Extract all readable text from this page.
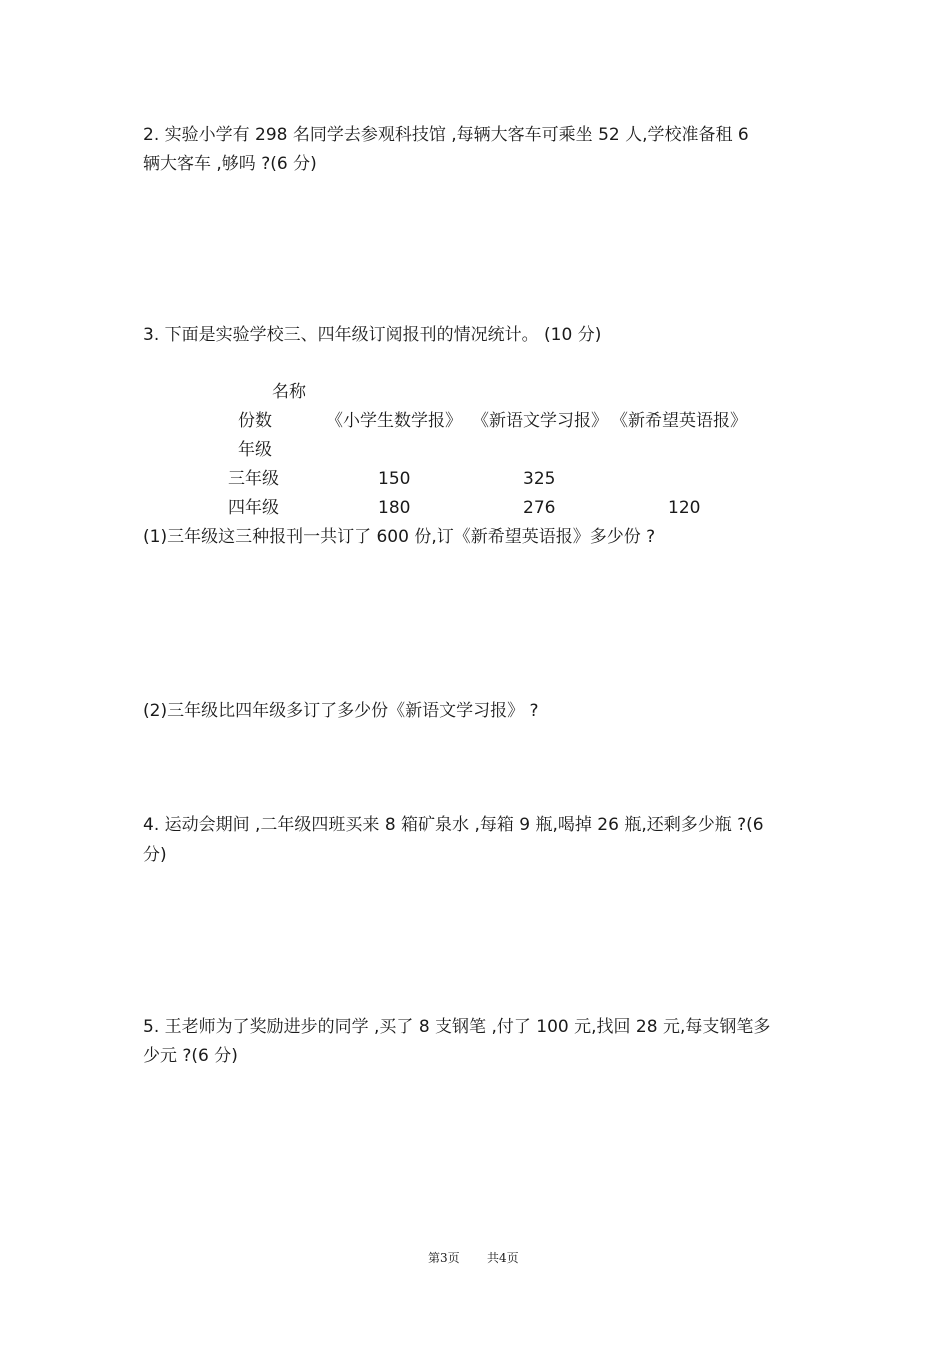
2. 实验小学有 298 名同学去参观科技馆 ,每辆大客车可乘坐 52 人,学校准备租 6
辆大客车 ,够吗 ?(6 分)
3. 下面是实验学校三、四年级订阅报刊的情况统计。 (10 分)
名称
份数	《小学生数学报》 《新语文学习报》 《新希望英语报》
年级
三年级	150	325
四年级	180	276	120
(1)三年级这三种报刊一共订了 600 份,订《新希望英语报》多少份 ?
(2)三年级比四年级多订了多少份《新语文学习报》 ?
4. 运动会期间 ,二年级四班买来 8 箱矿泉水 ,每箱 9 瓶,喝掉 26 瓶,还剩多少瓶 ?(6
分)
5. 王老师为了奖励进步的同学 ,买了 8 支钢笔 ,付了 100 元,找回 28 元,每支钢笔多
少元 ?(6 分)
第3页 共4页
